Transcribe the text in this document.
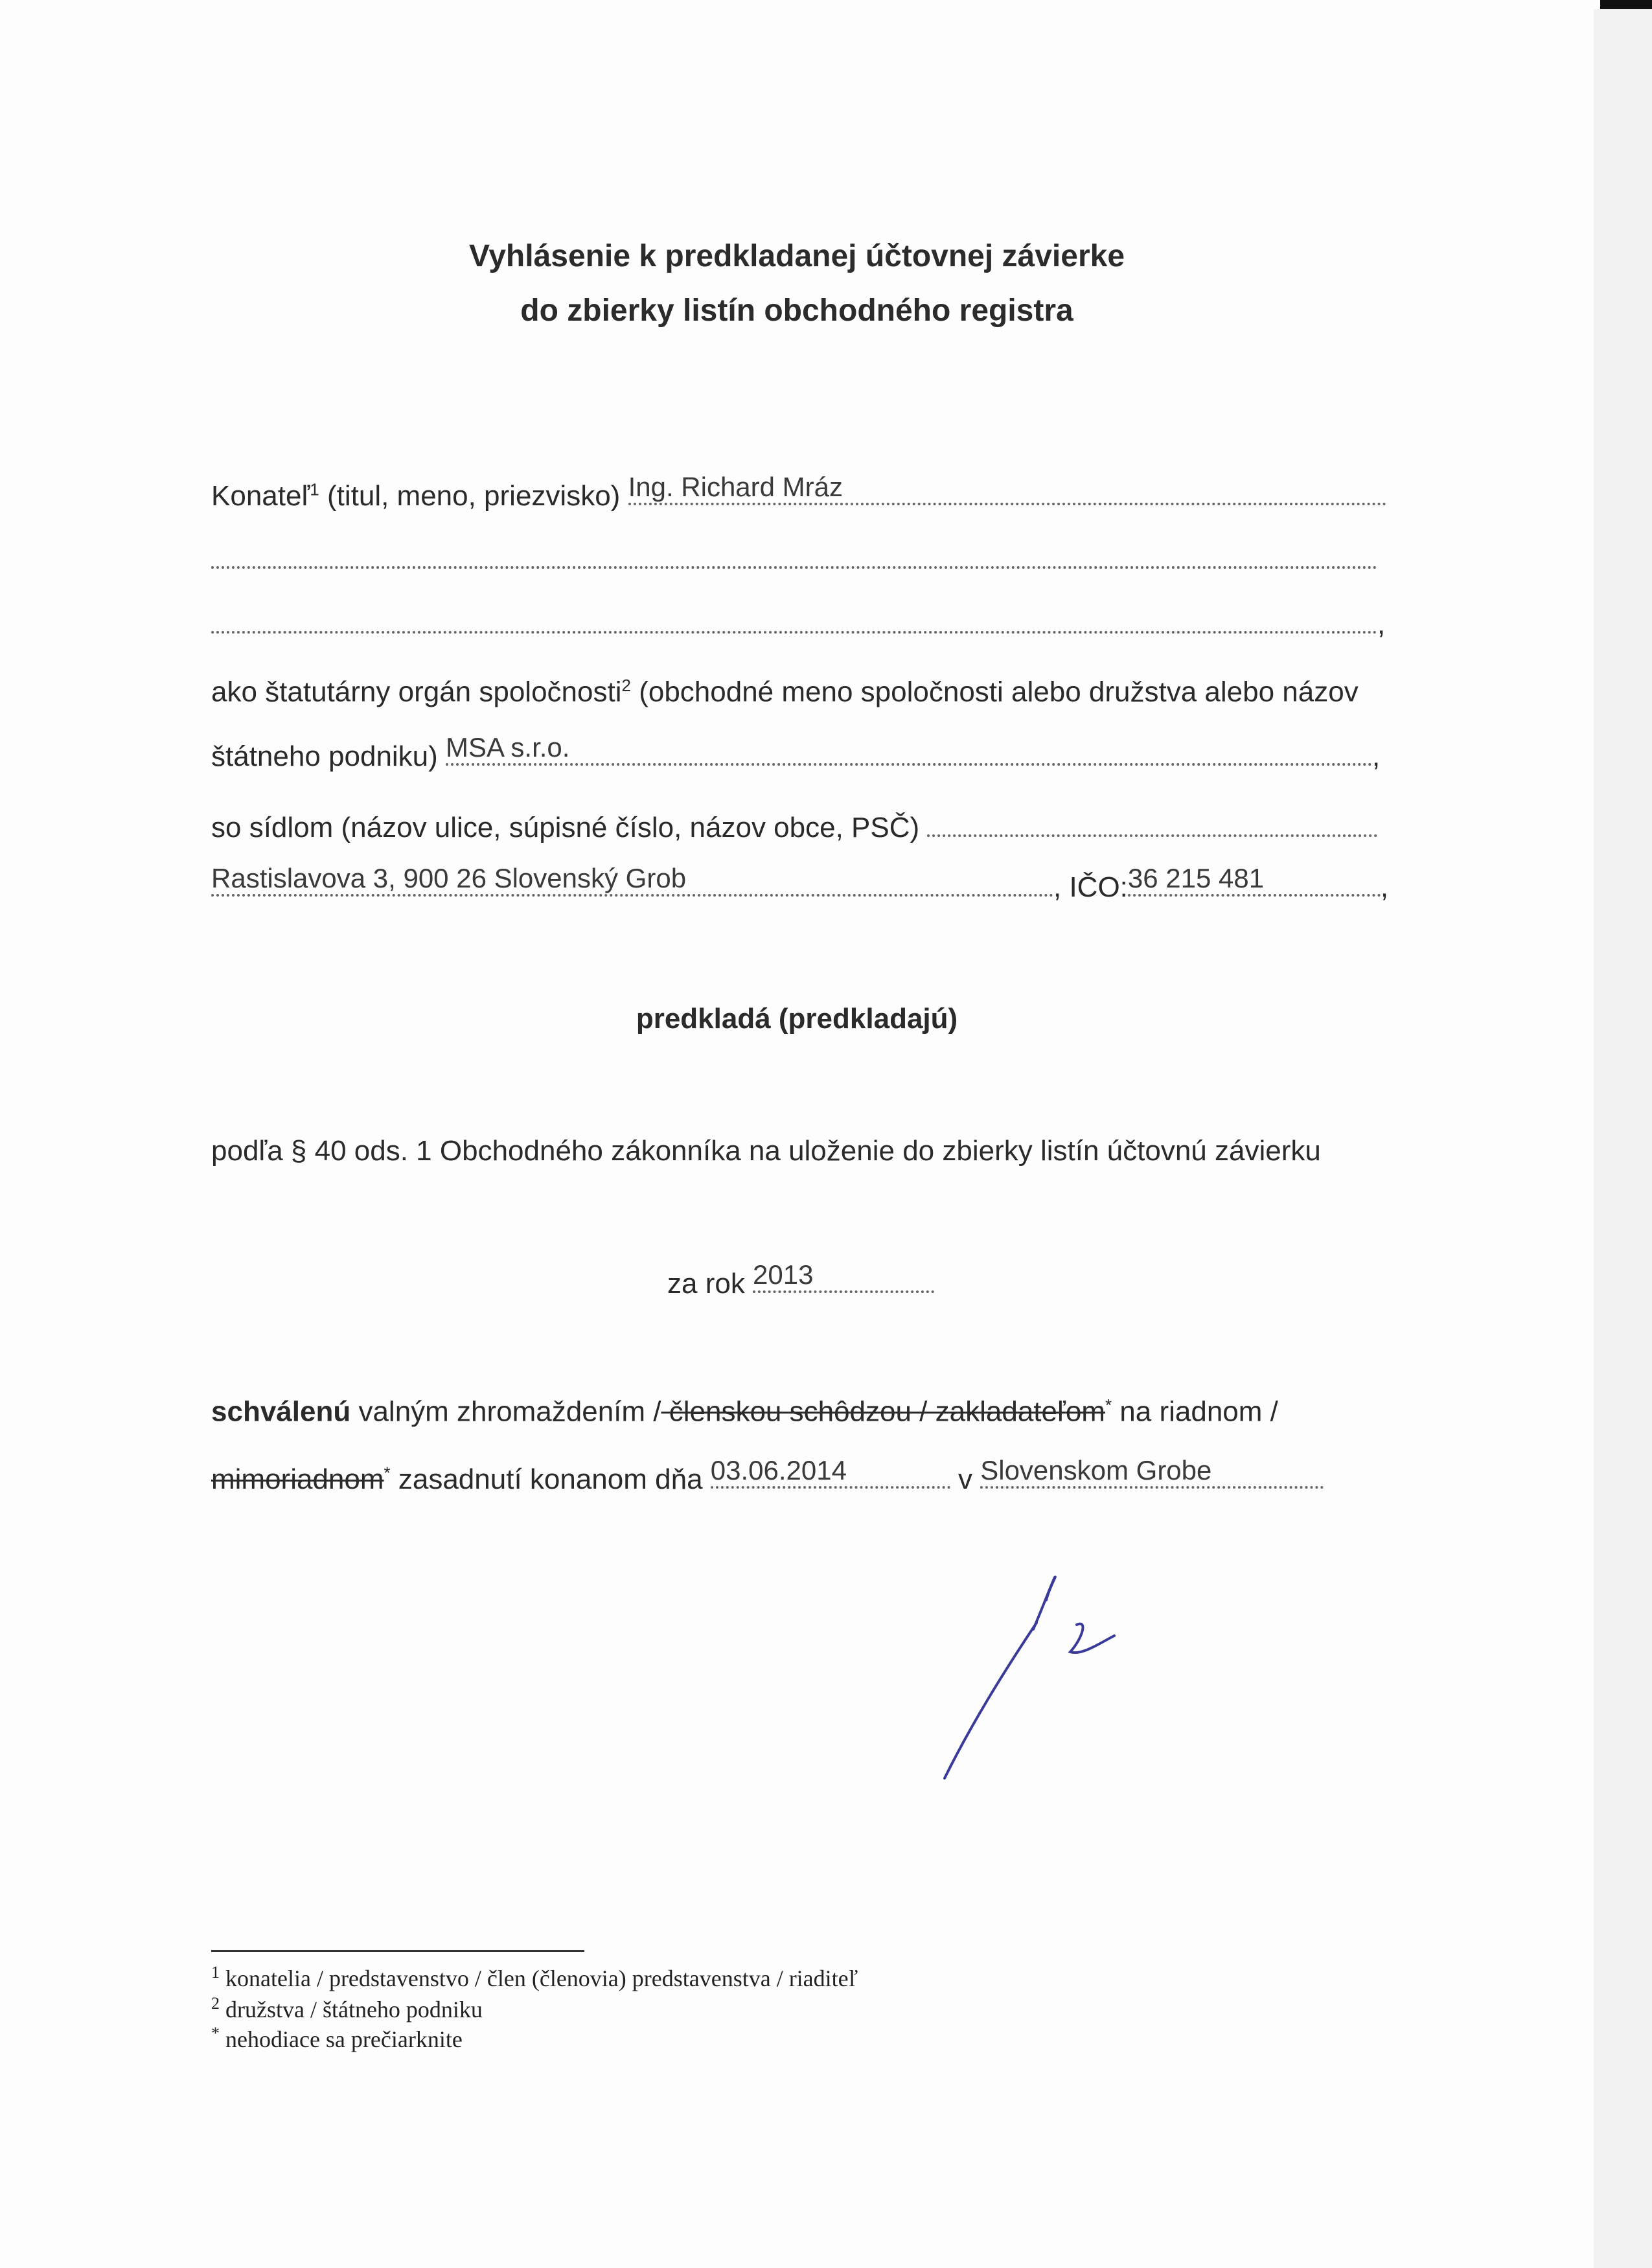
Vyhlásenie k predkladanej účtovnej závierke
do zbierky listín obchodného registra
Konateľ$^1$ (titul, meno, priezvisko) Ing. Richard Mráz
,
ako štatutárny orgán spoločnosti$^2$ (obchodné meno spoločnosti alebo družstva alebo názov
štátneho podniku) MSA s.r.o.	,
so sídlom (názov ulice, súpisné číslo, názov obce, PSČ)
Rastislavova 3, 900 26 Slovenský Grob	, IČO: 36 215 481	,
predkladá (predkladajú)
podľa § 40 ods. 1 Obchodného zákonníka na uloženie do zbierky listín účtovnú závierku
za rok 2013
schválenú valným zhromaždením / členskou schôdzou / zakladateľom* na riadnom /
mimoriadnom* zasadnutí konanom dňa 03.06.2014	v Slovenskom Grobe
$^1$ konatelia / predstavenstvo / člen (členovia) predstavenstva / riaditeľ
$^2$ družstva / štátneho podniku
* nehodiace sa prečiarknite
